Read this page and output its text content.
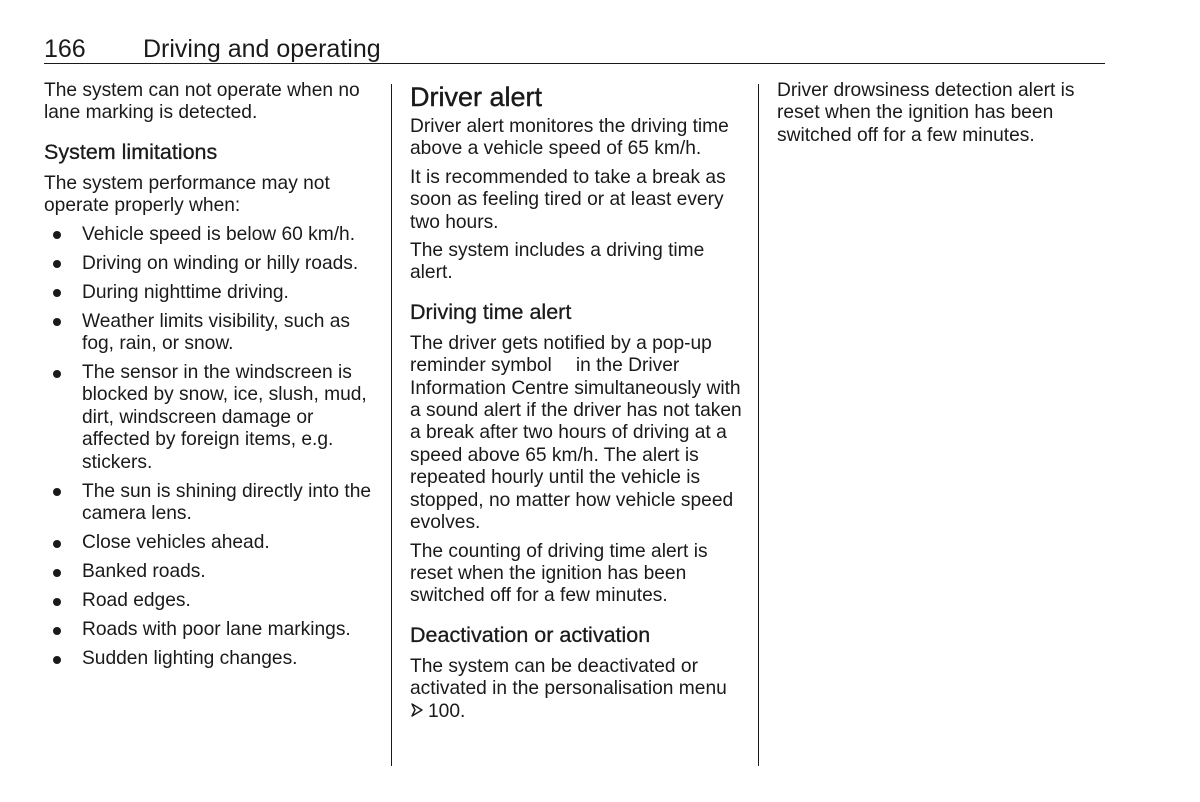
166 Driving and operating

The system can not operate when no lane marking is detected.

System limitations

The system performance may not operate properly when:

Vehicle speed is below 60 km/h.
Driving on winding or hilly roads.
During nighttime driving.
Weather limits visibility, such as fog, rain, or snow.
The sensor in the windscreen is blocked by snow, ice, slush, mud, dirt, windscreen damage or affected by foreign items, e.g. stickers.
The sun is shining directly into the camera lens.
Close vehicles ahead.
Banked roads.
Road edges.
Roads with poor lane markings.
Sudden lighting changes.
Driver alert

Driver alert monitores the driving time above a vehicle speed of 65 km/h.

It is recommended to take a break as soon as feeling tired or at least every two hours.

The system includes a driving time alert.

Driving time alert

The driver gets notified by a pop-up reminder symbol in the Driver Information Centre simultaneously with a sound alert if the driver has not taken a break after two hours of driving at a speed above 65 km/h. The alert is repeated hourly until the vehicle is stopped, no matter how vehicle speed evolves.

The counting of driving time alert is reset when the ignition has been switched off for a few minutes.

Deactivation or activation

The system can be deactivated or activated in the personalisation menu
100.

Driver drowsiness detection alert is reset when the ignition has been switched off for a few minutes.
